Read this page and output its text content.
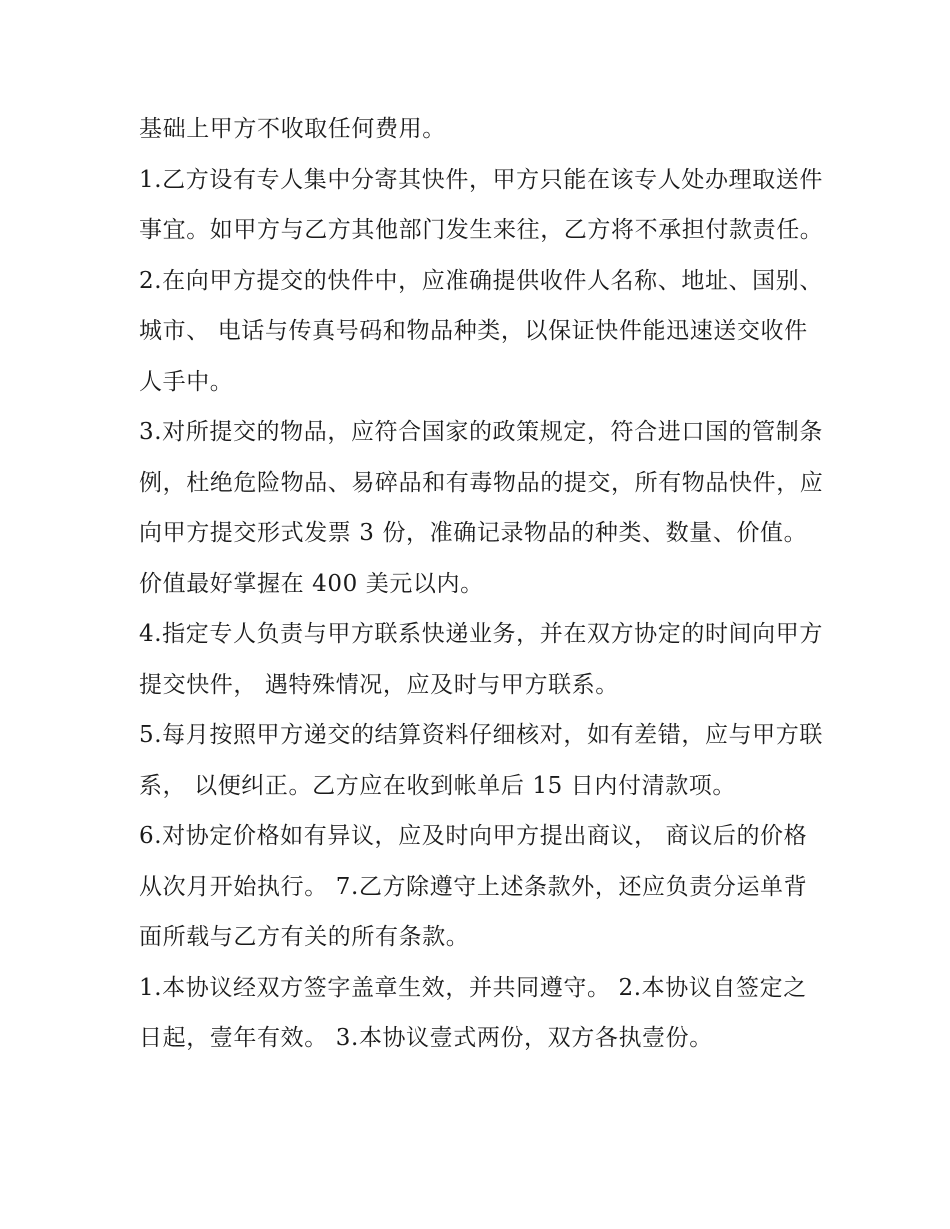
基础上甲方不收取任何费用。

1.乙方设有专人集中分寄其快件，甲方只能在该专人处办理取送件事宜。如甲方与乙方其他部门发生来往，乙方将不承担付款责任。

2.在向甲方提交的快件中，应准确提供收件人名称、地址、国别、城市、 电话与传真号码和物品种类，以保证快件能迅速送交收件人手中。

3.对所提交的物品，应符合国家的政策规定，符合进口国的管制条例，杜绝危险物品、易碎品和有毒物品的提交，所有物品快件，应向甲方提交形式发票 3 份，准确记录物品的种类、数量、价值。价值最好掌握在 400 美元以内。

4.指定专人负责与甲方联系快递业务，并在双方协定的时间向甲方提交快件， 遇特殊情况，应及时与甲方联系。

5.每月按照甲方递交的结算资料仔细核对，如有差错，应与甲方联系， 以便纠正。乙方应在收到帐单后 15 日内付清款项。

6.对协定价格如有异议，应及时向甲方提出商议， 商议后的价格从次月开始执行。 7.乙方除遵守上述条款外，还应负责分运单背面所载与乙方有关的所有条款。

1.本协议经双方签字盖章生效，并共同遵守。 2.本协议自签定之日起，壹年有效。 3.本协议壹式两份，双方各执壹份。
